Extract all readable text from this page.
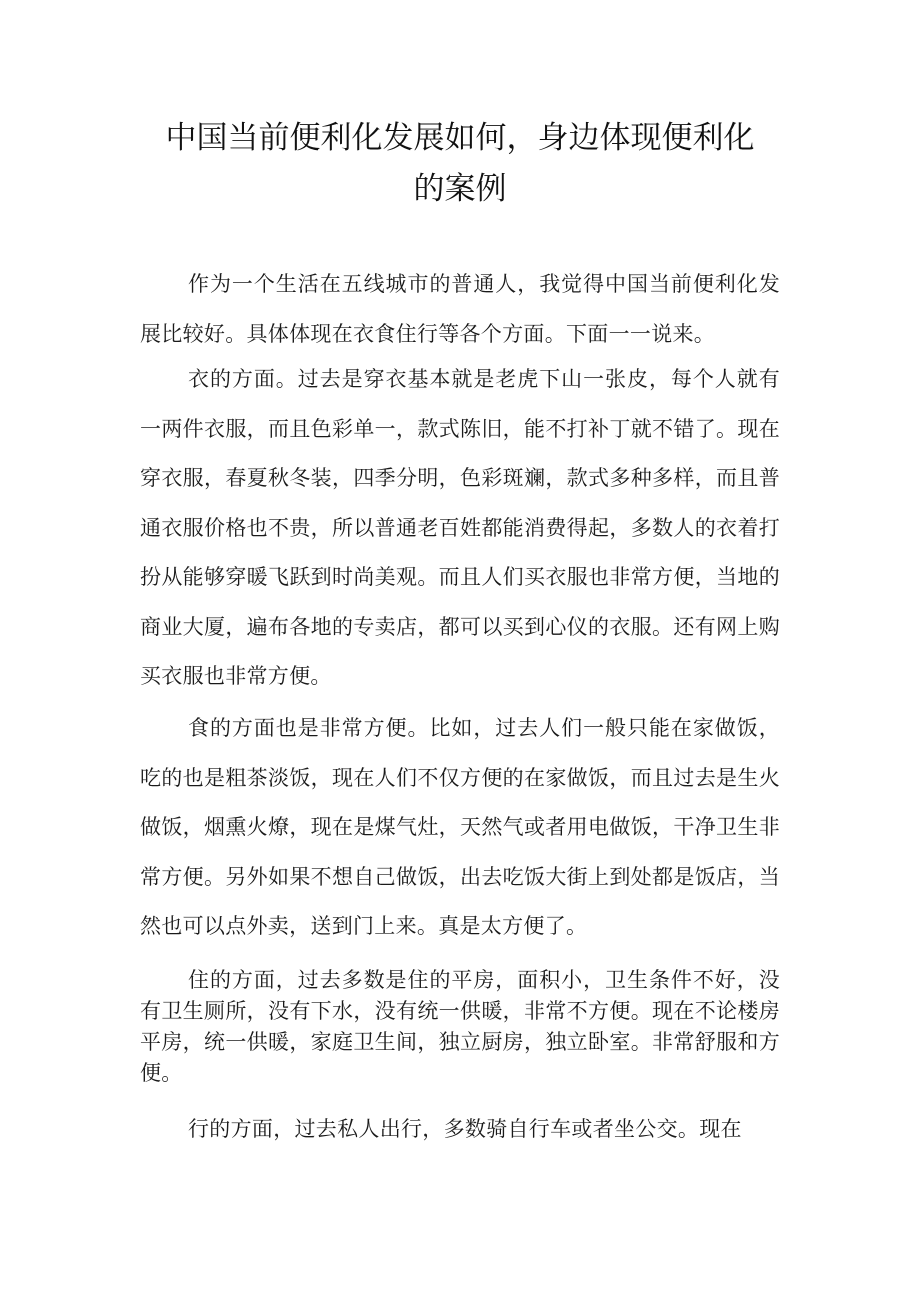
中国当前便利化发展如何，身边体现便利化
的案例

作为一个生活在五线城市的普通人，我觉得中国当前便利化发展比较好。具体体现在衣食住行等各个方面。下面一一说来。

衣的方面。过去是穿衣基本就是老虎下山一张皮，每个人就有一两件衣服，而且色彩单一，款式陈旧，能不打补丁就不错了。现在穿衣服，春夏秋冬装，四季分明，色彩斑斓，款式多种多样，而且普通衣服价格也不贵，所以普通老百姓都能消费得起，多数人的衣着打扮从能够穿暖飞跃到时尚美观。而且人们买衣服也非常方便，当地的商业大厦，遍布各地的专卖店，都可以买到心仪的衣服。还有网上购买衣服也非常方便。

食的方面也是非常方便。比如，过去人们一般只能在家做饭，吃的也是粗茶淡饭，现在人们不仅方便的在家做饭，而且过去是生火做饭，烟熏火燎，现在是煤气灶，天然气或者用电做饭，干净卫生非常方便。另外如果不想自己做饭，出去吃饭大街上到处都是饭店，当然也可以点外卖，送到门上来。真是太方便了。

住的方面，过去多数是住的平房，面积小，卫生条件不好，没有卫生厕所，没有下水，没有统一供暖，非常不方便。现在不论楼房平房，统一供暖，家庭卫生间，独立厨房，独立卧室。非常舒服和方便。

行的方面，过去私人出行，多数骑自行车或者坐公交。现在
